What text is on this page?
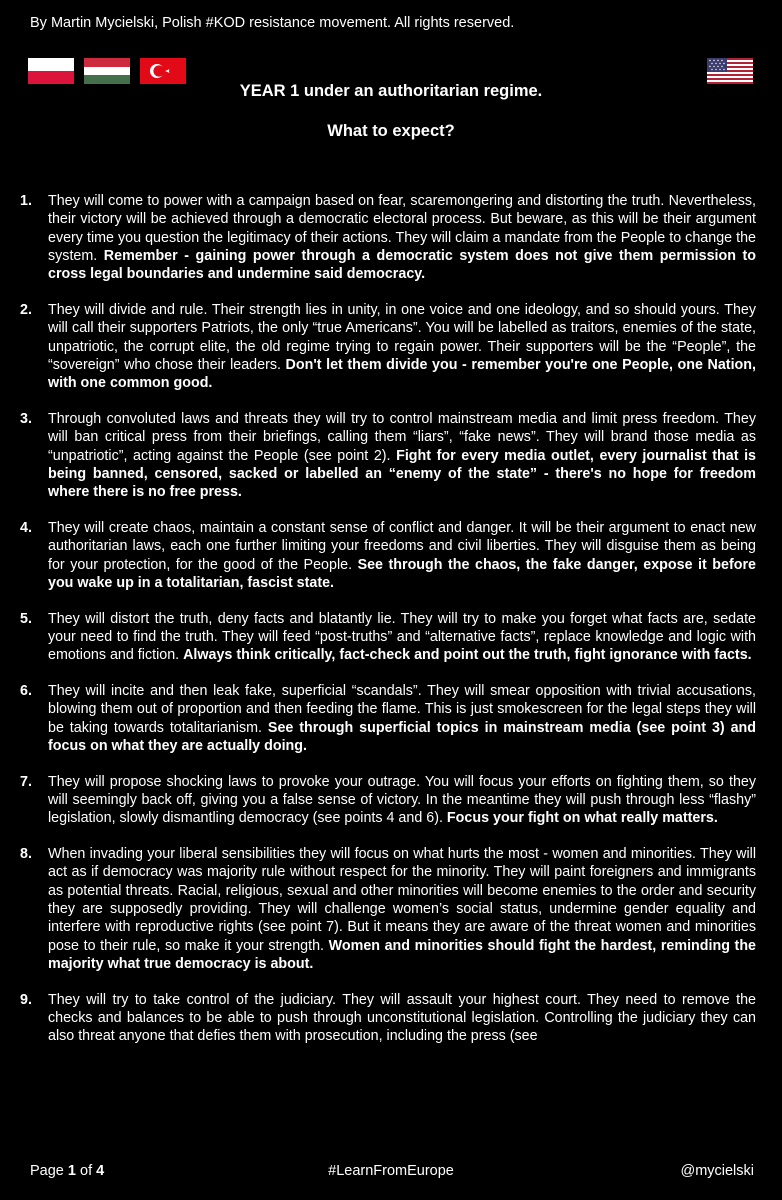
By Martin Mycielski, Polish #KOD resistance movement. All rights reserved.
YEAR 1 under an authoritarian regime.
What to expect?
1.	They will come to power with a campaign based on fear, scaremongering and distorting the truth. Nevertheless, their victory will be achieved through a democratic electoral process. But beware, as this will be their argument every time you question the legitimacy of their actions. They will claim a mandate from the People to change the system. Remember - gaining power through a democratic system does not give them permission to cross legal boundaries and undermine said democracy.
2.	They will divide and rule. Their strength lies in unity, in one voice and one ideology, and so should yours. They will call their supporters Patriots, the only “true Americans”. You will be labelled as traitors, enemies of the state, unpatriotic, the corrupt elite, the old regime trying to regain power. Their supporters will be the “People”, the “sovereign” who chose their leaders. Don't let them divide you - remember you're one People, one Nation, with one common good.
3.	Through convoluted laws and threats they will try to control mainstream media and limit press freedom. They will ban critical press from their briefings, calling them “liars”, “fake news”. They will brand those media as “unpatriotic”, acting against the People (see point 2). Fight for every media outlet, every journalist that is being banned, censored, sacked or labelled an “enemy of the state” - there's no hope for freedom where there is no free press.
4.	They will create chaos, maintain a constant sense of conflict and danger. It will be their argument to enact new authoritarian laws, each one further limiting your freedoms and civil liberties. They will disguise them as being for your protection, for the good of the People. See through the chaos, the fake danger, expose it before you wake up in a totalitarian, fascist state.
5.	They will distort the truth, deny facts and blatantly lie. They will try to make you forget what facts are, sedate your need to find the truth. They will feed “post-truths” and “alternative facts”, replace knowledge and logic with emotions and fiction. Always think critically, fact-check and point out the truth, fight ignorance with facts.
6.	They will incite and then leak fake, superficial “scandals”. They will smear opposition with trivial accusations, blowing them out of proportion and then feeding the flame. This is just smokescreen for the legal steps they will be taking towards totalitarianism. See through superficial topics in mainstream media (see point 3) and focus on what they are actually doing.
7.	They will propose shocking laws to provoke your outrage. You will focus your efforts on fighting them, so they will seemingly back off, giving you a false sense of victory. In the meantime they will push through less “flashy” legislation, slowly dismantling democracy (see points 4 and 6). Focus your fight on what really matters.
8.	When invading your liberal sensibilities they will focus on what hurts the most - women and minorities. They will act as if democracy was majority rule without respect for the minority. They will paint foreigners and immigrants as potential threats. Racial, religious, sexual and other minorities will become enemies to the order and security they are supposedly providing. They will challenge women’s social status, undermine gender equality and interfere with reproductive rights (see point 7). But it means they are aware of the threat women and minorities pose to their rule, so make it your strength. Women and minorities should fight the hardest, reminding the majority what true democracy is about.
9.	They will try to take control of the judiciary. They will assault your highest court. They need to remove the checks and balances to be able to push through unconstitutional legislation. Controlling the judiciary they can also threat anyone that defies them with prosecution, including the press (see
Page 1 of 4	#LearnFromEurope	@mycielski
